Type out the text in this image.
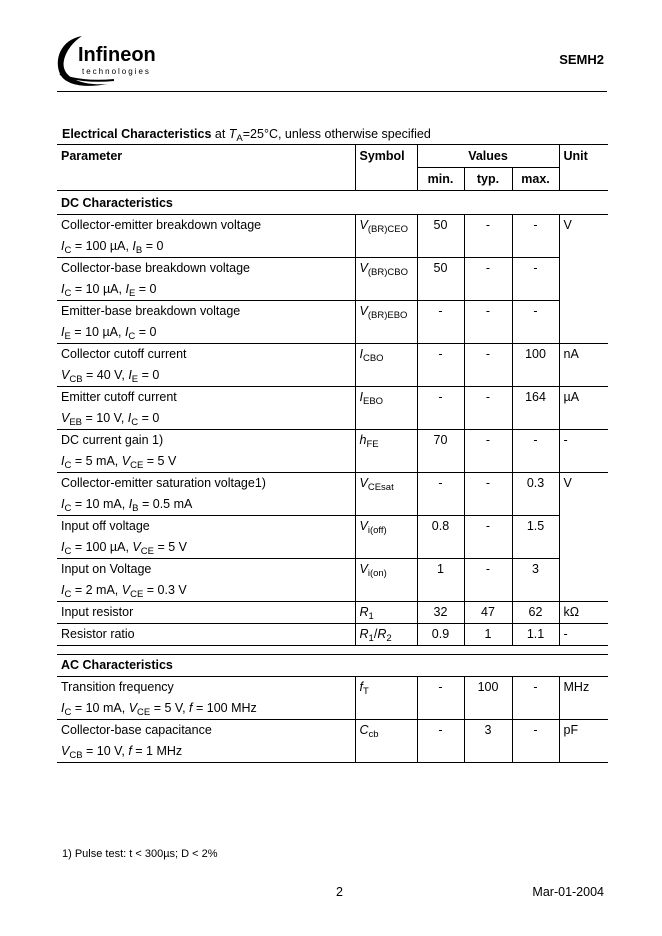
Infineon
technologies
SEMH2
Electrical Characteristics at $T_A=25^\circ C$, unless otherwise specified
Parameter	Symbol	Values			Unit
		min.	typ.	max.	
DC Characteristics					
Collector-emitter breakdown voltage
$I_C = 100$ µA, $I_B = 0$	$V_{(BR)CEO}$	50	-	-	V
Collector-base breakdown voltage
$I_C = 10$ µA, $I_E = 0$	$V_{(BR)CBO}$	50	-	-	
Emitter-base breakdown voltage
$I_E = 10$ µA, $I_C = 0$	$V_{(BR)EBO}$	-	-	-	
Collector cutoff current
$V_{CB} = 40$ V, $I_E = 0$	$I_{CBO}$	-	-	100	nA
Emitter cutoff current
$V_{EB} = 10$ V, $I_C = 0$	$I_{EBO}$	-	-	164	µA
DC current gain 1)
$I_C = 5$ mA, $V_{CE} = 5$ V	$h_{FE}$	70	-	-	-
Collector-emitter saturation voltage1)
$I_C = 10$ mA, $I_B = 0.5$ mA	$V_{CEsat}$	-	-	0.3	V
Input off voltage
$I_C = 100$ µA, $V_{CE} = 5$ V	$V_{i(off)}$	0.8	-	1.5	
Input on Voltage
$I_C = 2$ mA, $V_{CE} = 0.3$ V	$V_{i(on)}$	1	-	3	
Input resistor	$R_1$	32	47	62	kΩ
Resistor ratio	$R_1/R_2$	0.9	1	1.1	-

AC Characteristics					
Transition frequency
$I_C = 10$ mA, $V_{CE} = 5$ V, f = 100 MHz	$f_T$	-	100	-	MHz
Collector-base capacitance
$V_{CB} = 10$ V, f = 1 MHz	$C_{cb}$	-	3	-	pF
1) Pulse test: t < 300µs; D < 2%
2	Mar-01-2004
